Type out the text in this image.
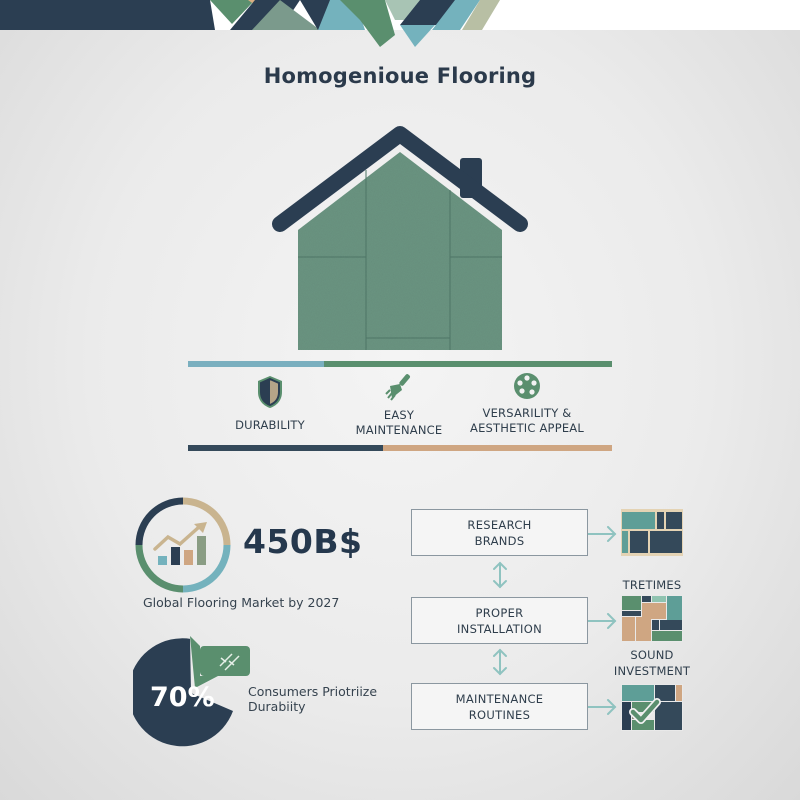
Homogenioue Flooring
DURABILITY
EASY
MAINTENANCE
VERSARILITY &
AESTHETIC APPEAL
450B$
Global Flooring Market by 2027
70%	Consumers Priotriize
Durabiity
RESEARCH
BRANDS
PROPER
INSTALLATION
MAINTENANCE
ROUTINES
TRETIMES
SOUND
INVESTMENT
